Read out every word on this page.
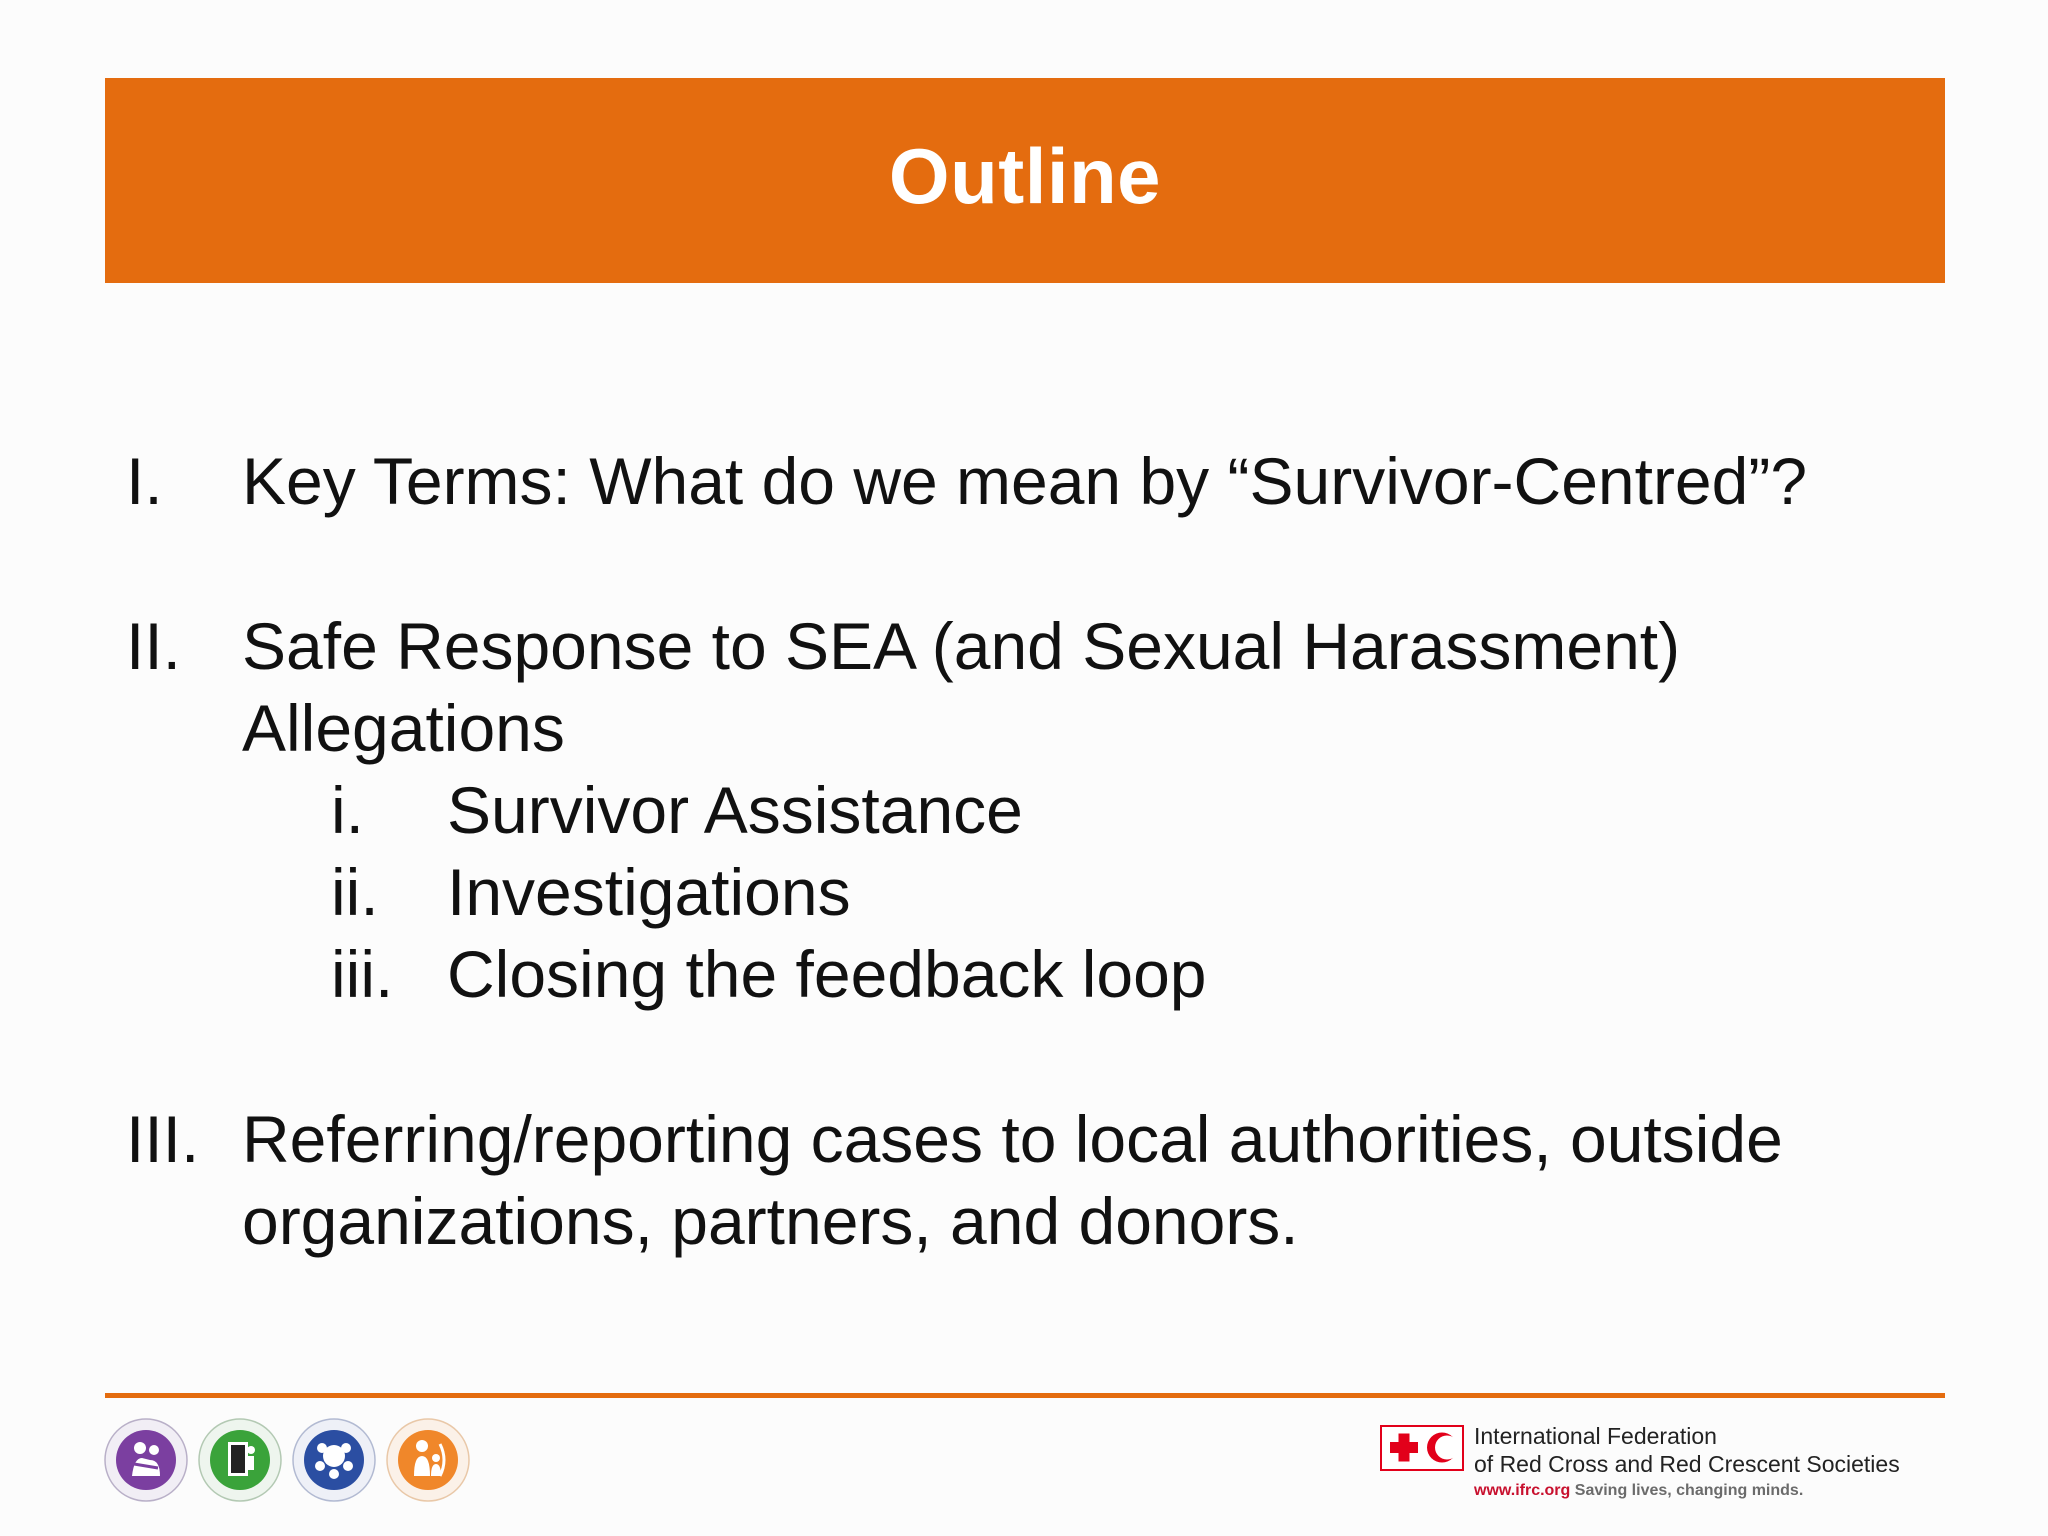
Outline
I.	Key Terms: What do we mean by “Survivor-Centred”?
II. Safe Response to SEA (and Sexual Harassment)
Allegations
i.	Survivor Assistance
ii.	Investigations
iii. Closing the feedback loop
III. Referring/reporting cases to local authorities, outside
organizations, partners, and donors.
International Federation
of Red Cross and Red Crescent Societies
www.ifrc.org Saving lives, changing minds.
